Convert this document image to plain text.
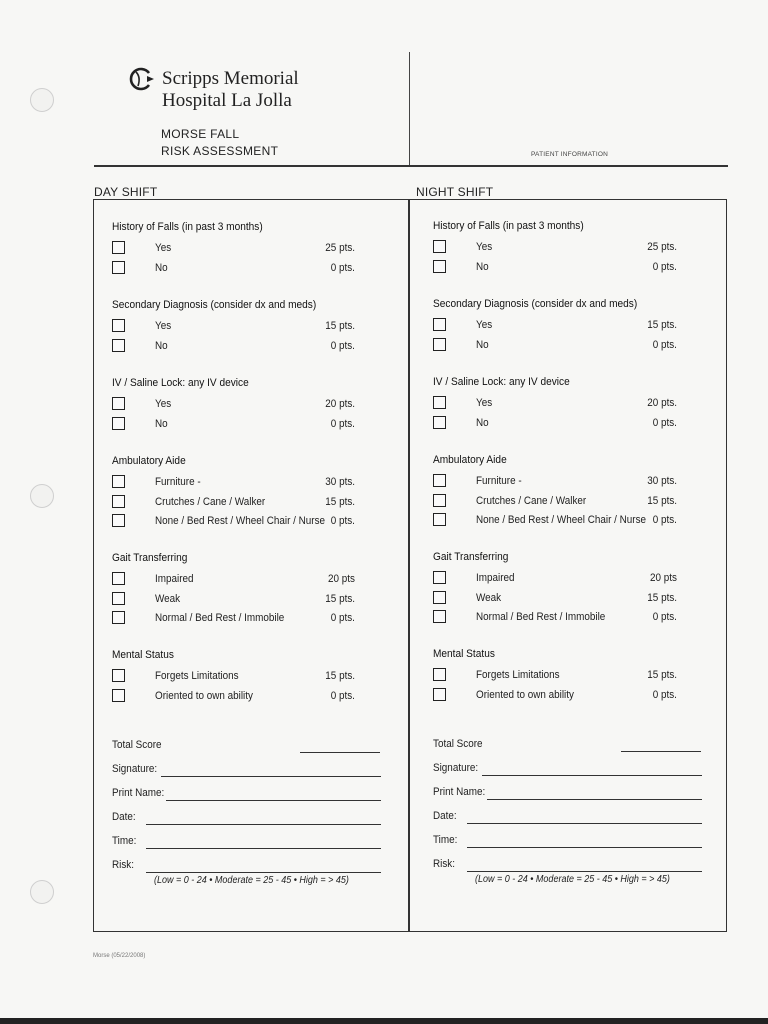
Scripps Memorial
Hospital La Jolla
MORSE FALL
RISK ASSESSMENT	PATIENT INFORMATION
DAY SHIFT	NIGHT SHIFT
History of Falls (in past 3 months)
Yes	25 pts.
No	0 pts.
Secondary Diagnosis (consider dx and meds)
Yes	15 pts.
No	0 pts.
IV / Saline Lock: any IV device
Yes	20 pts.
No	0 pts.
Ambulatory Aide
Furniture -	30 pts.
Crutches / Cane / Walker	15 pts.
None / Bed Rest / Wheel Chair / Nurse 0 pts.
Gait Transferring
Impaired	20 pts
Weak	15 pts.
Normal / Bed Rest / Immobile	0 pts.
Mental Status
Forgets Limitations	15 pts.
Oriented to own ability	0 pts.
Total Score
Signature:
Print Name:
Date:
Time:
Risk:
(Low = 0 - 24 • Moderate = 25 - 45 • High = > 45)
History of Falls (in past 3 months)
Yes	25 pts.
No	0 pts.
Secondary Diagnosis (consider dx and meds)
Yes	15 pts.
No	0 pts.
IV / Saline Lock: any IV device
Yes	20 pts.
No	0 pts.
Ambulatory Aide
Furniture -	30 pts.
Crutches / Cane / Walker	15 pts.
None / Bed Rest / Wheel Chair / Nurse 0 pts.
Gait Transferring
Impaired	20 pts
Weak	15 pts.
Normal / Bed Rest / Immobile	0 pts.
Mental Status
Forgets Limitations	15 pts.
Oriented to own ability	0 pts.
Total Score
Signature:
Print Name:
Date:
Time:
Risk:
(Low = 0 - 24 • Moderate = 25 - 45 • High = > 45)
Morse (05/22/2008)
